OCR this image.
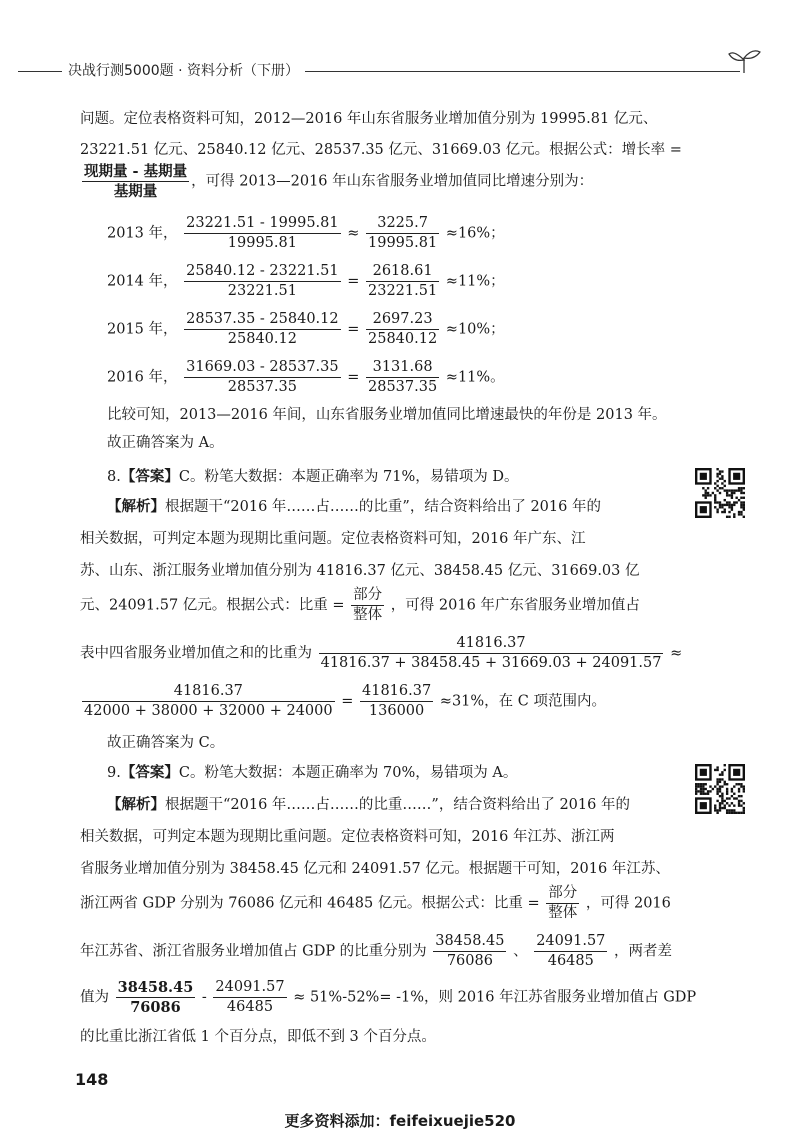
决战行测5000题 · 资料分析（下册）
问题。定位表格资料可知，2012—2016 年山东省服务业增加值分别为 19995.81 亿元、
23221.51 亿元、25840.12 亿元、28537.35 亿元、31669.03 亿元。根据公式：增长率 =
$\frac{\text{现期量 - 基期量}}{\text{基期量}}$ ，可得 2013—2016 年山东省服务业增加值同比增速分别为：
2013 年， $\frac{23221.51 - 19995.81}{19995.81} \approx \frac{3225.7}{19995.81} \approx 16\%$；
2014 年， $\frac{25840.12 - 23221.51}{23221.51} = \frac{2618.61}{23221.51} \approx 11\%$；
2015 年， $\frac{28537.35 - 25840.12}{25840.12} = \frac{2697.23}{25840.12} \approx 10\%$；
2016 年， $\frac{31669.03 - 28537.35}{28537.35} = \frac{3131.68}{28537.35} \approx 11\%$。
比较可知，2013—2016 年间，山东省服务业增加值同比增速最快的年份是 2013 年。
故正确答案为 A。
8.【答案】C。粉笔大数据：本题正确率为 71%，易错项为 D。
【解析】根据题干“2016 年……占……的比重”，结合资料给出了 2016 年的
相关数据，可判定本题为现期比重问题。定位表格资料可知，2016 年广东、江
苏、山东、浙江服务业增加值分别为 41816.37 亿元、38458.45 亿元、31669.03 亿
元、24091.57 亿元。根据公式：比重 = $\frac{\text{部分}}{\text{整体}}$ ，可得 2016 年广东省服务业增加值占
表中四省服务业增加值之和的比重为 $\frac{41816.37}{41816.37 + 38458.45 + 31669.03 + 24091.57}$ ≈
$\frac{41816.37}{42000 + 38000 + 32000 + 24000} = \frac{41816.37}{136000} \approx 31\%$，在 C 项范围内。
故正确答案为 C。
9.【答案】C。粉笔大数据：本题正确率为 70%，易错项为 A。
【解析】根据题干“2016 年……占……的比重……”，结合资料给出了 2016 年的
相关数据，可判定本题为现期比重问题。定位表格资料可知，2016 年江苏、浙江两
省服务业增加值分别为 38458.45 亿元和 24091.57 亿元。根据题干可知，2016 年江苏、
浙江两省 GDP 分别为 76086 亿元和 46485 亿元。根据公式：比重 = $\frac{\text{部分}}{\text{整体}}$ ，可得 2016
年江苏省、浙江省服务业增加值占 GDP 的比重分别为 $\frac{38458.45}{76086}$ 、 $\frac{24091.57}{46485}$ ，两者差
值为 $\frac{38458.45}{76086} - \frac{24091.57}{46485} \approx 51\%-52\%= -1\%$，则 2016 年江苏省服务业增加值占 GDP
的比重比浙江省低 1 个百分点，即低不到 3 个百分点。
148
更多资料添加：feifeixuejie520
